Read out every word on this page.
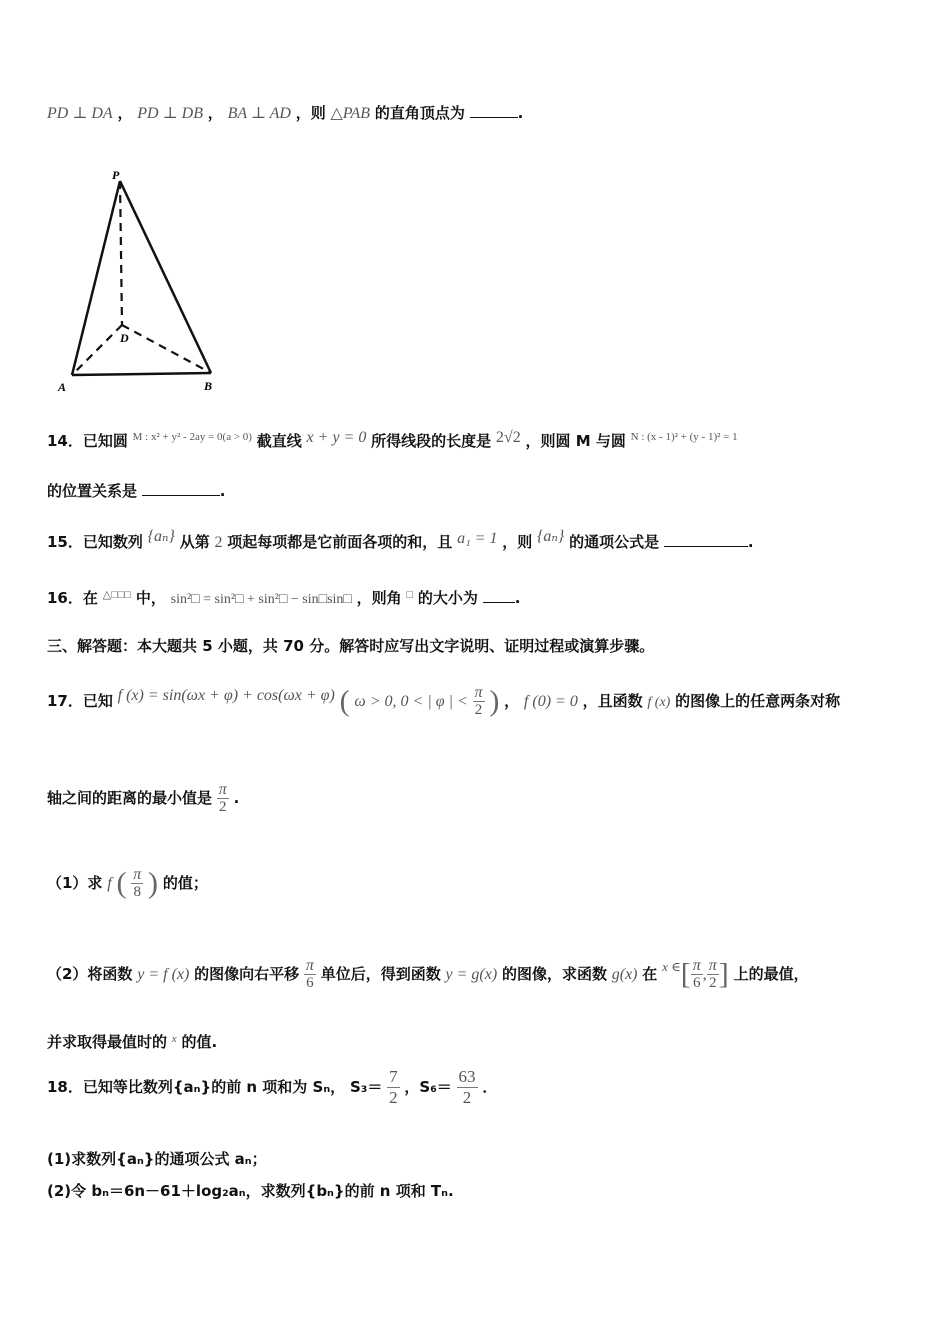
PD ⊥ DA ， PD ⊥ DB ， BA ⊥ AD ，则 △PAB 的直角顶点为	.
P
D
A	B
14．已知圆 $^{M : x^2 + y^2 - 2ay = 0(a > 0)}$ 截直线 x + y = 0 所得线段的长度是 2√2 ，则圆 M 与圆 $^{N : (x - 1)^2 + (y - 1)^2 = 1}$
的位置关系是	.
15．已知数列 {aₙ} 从第 2 项起每项都是它前面各项的和，且 a₁ = 1 ，则 {aₙ} 的通项公式是	.
16．在 △□□□ 中， sin²□ = sin²□ + sin²□ − sin□sin□ ，则角 □ 的大小为 .
三、解答题：本大题共 5 小题，共 70 分。解答时应写出文字说明、证明过程或演算步骤。
17．已知 f (x) = sin(ωx + φ) + cos(ωx + φ) ( ω > 0, 0 < | φ | < $\frac{\pi}{2}$ ) ， f (0) = 0 ，且函数 f (x) 的图像上的任意两条对称
轴之间的距离的最小值是 $\frac{\pi}{2}$ .
（1）求 f ( $\frac{\pi}{8}$ ) 的值；
（2）将函数 y = f (x) 的图像向右平移 $\frac{\pi}{6}$ 单位后，得到函数 y = g(x) 的图像，求函数 g(x) 在 x ∈[ $\frac{\pi}{6}$ , $\frac{\pi}{2}$ ] 上的最值，
并求取得最值时的 $^x$ 的值.
18．已知等比数列{aₙ}的前 n 项和为 Sₙ， $S_3= \frac{7}{2}$ ，$S_6= \frac{63}{2}$ ．
(1)求数列{aₙ}的通项公式 aₙ；
(2)令 bₙ＝6n－61＋log₂aₙ，求数列{bₙ}的前 n 项和 Tₙ.
